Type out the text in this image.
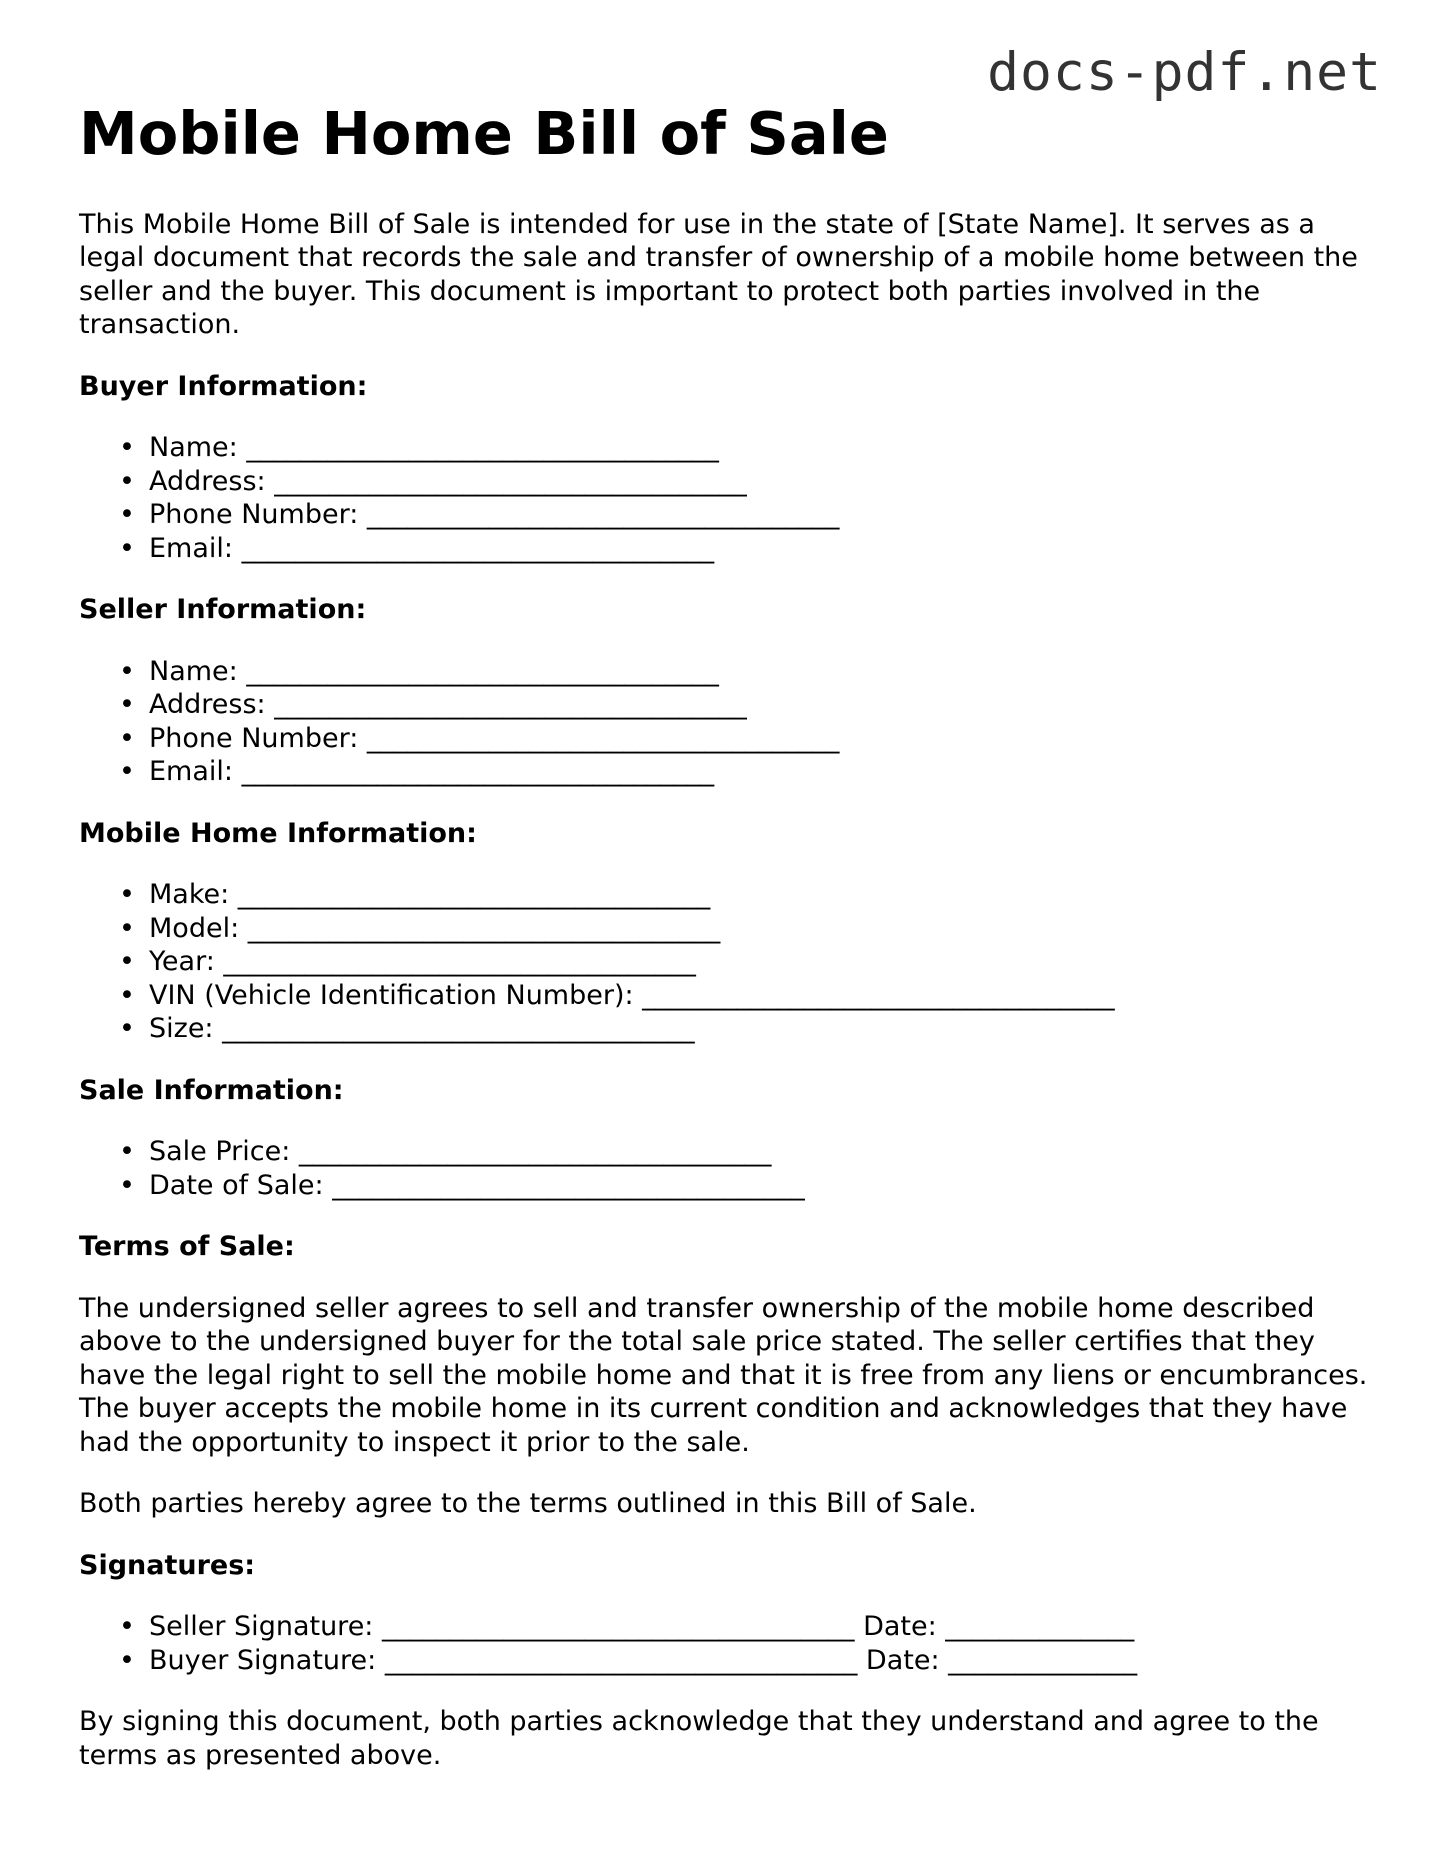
docs-pdf.net
Mobile Home Bill of Sale

This Mobile Home Bill of Sale is intended for use in the state of [State Name]. It serves as a legal document that records the sale and transfer of ownership of a mobile home between the seller and the buyer. This document is important to protect both parties involved in the transaction.

Buyer Information:
• Name: ___________________________________
• Address: ___________________________________
• Phone Number: ___________________________________
• Email: ___________________________________
Seller Information:
• Name: ___________________________________
• Address: ___________________________________
• Phone Number: ___________________________________
• Email: ___________________________________
Mobile Home Information:
• Make: ___________________________________
• Model: ___________________________________
• Year: ___________________________________
• VIN (Vehicle Identification Number): ___________________________________
• Size: ___________________________________
Sale Information:
• Sale Price: ___________________________________
• Date of Sale: ___________________________________
Terms of Sale:

The undersigned seller agrees to sell and transfer ownership of the mobile home described above to the undersigned buyer for the total sale price stated. The seller certifies that they have the legal right to sell the mobile home and that it is free from any liens or encumbrances. The buyer accepts the mobile home in its current condition and acknowledges that they have had the opportunity to inspect it prior to the sale.

Both parties hereby agree to the terms outlined in this Bill of Sale.

Signatures:
• Seller Signature: ___________________________________ Date: ______________
• Buyer Signature: ___________________________________ Date: ______________

By signing this document, both parties acknowledge that they understand and agree to the terms as presented above.
